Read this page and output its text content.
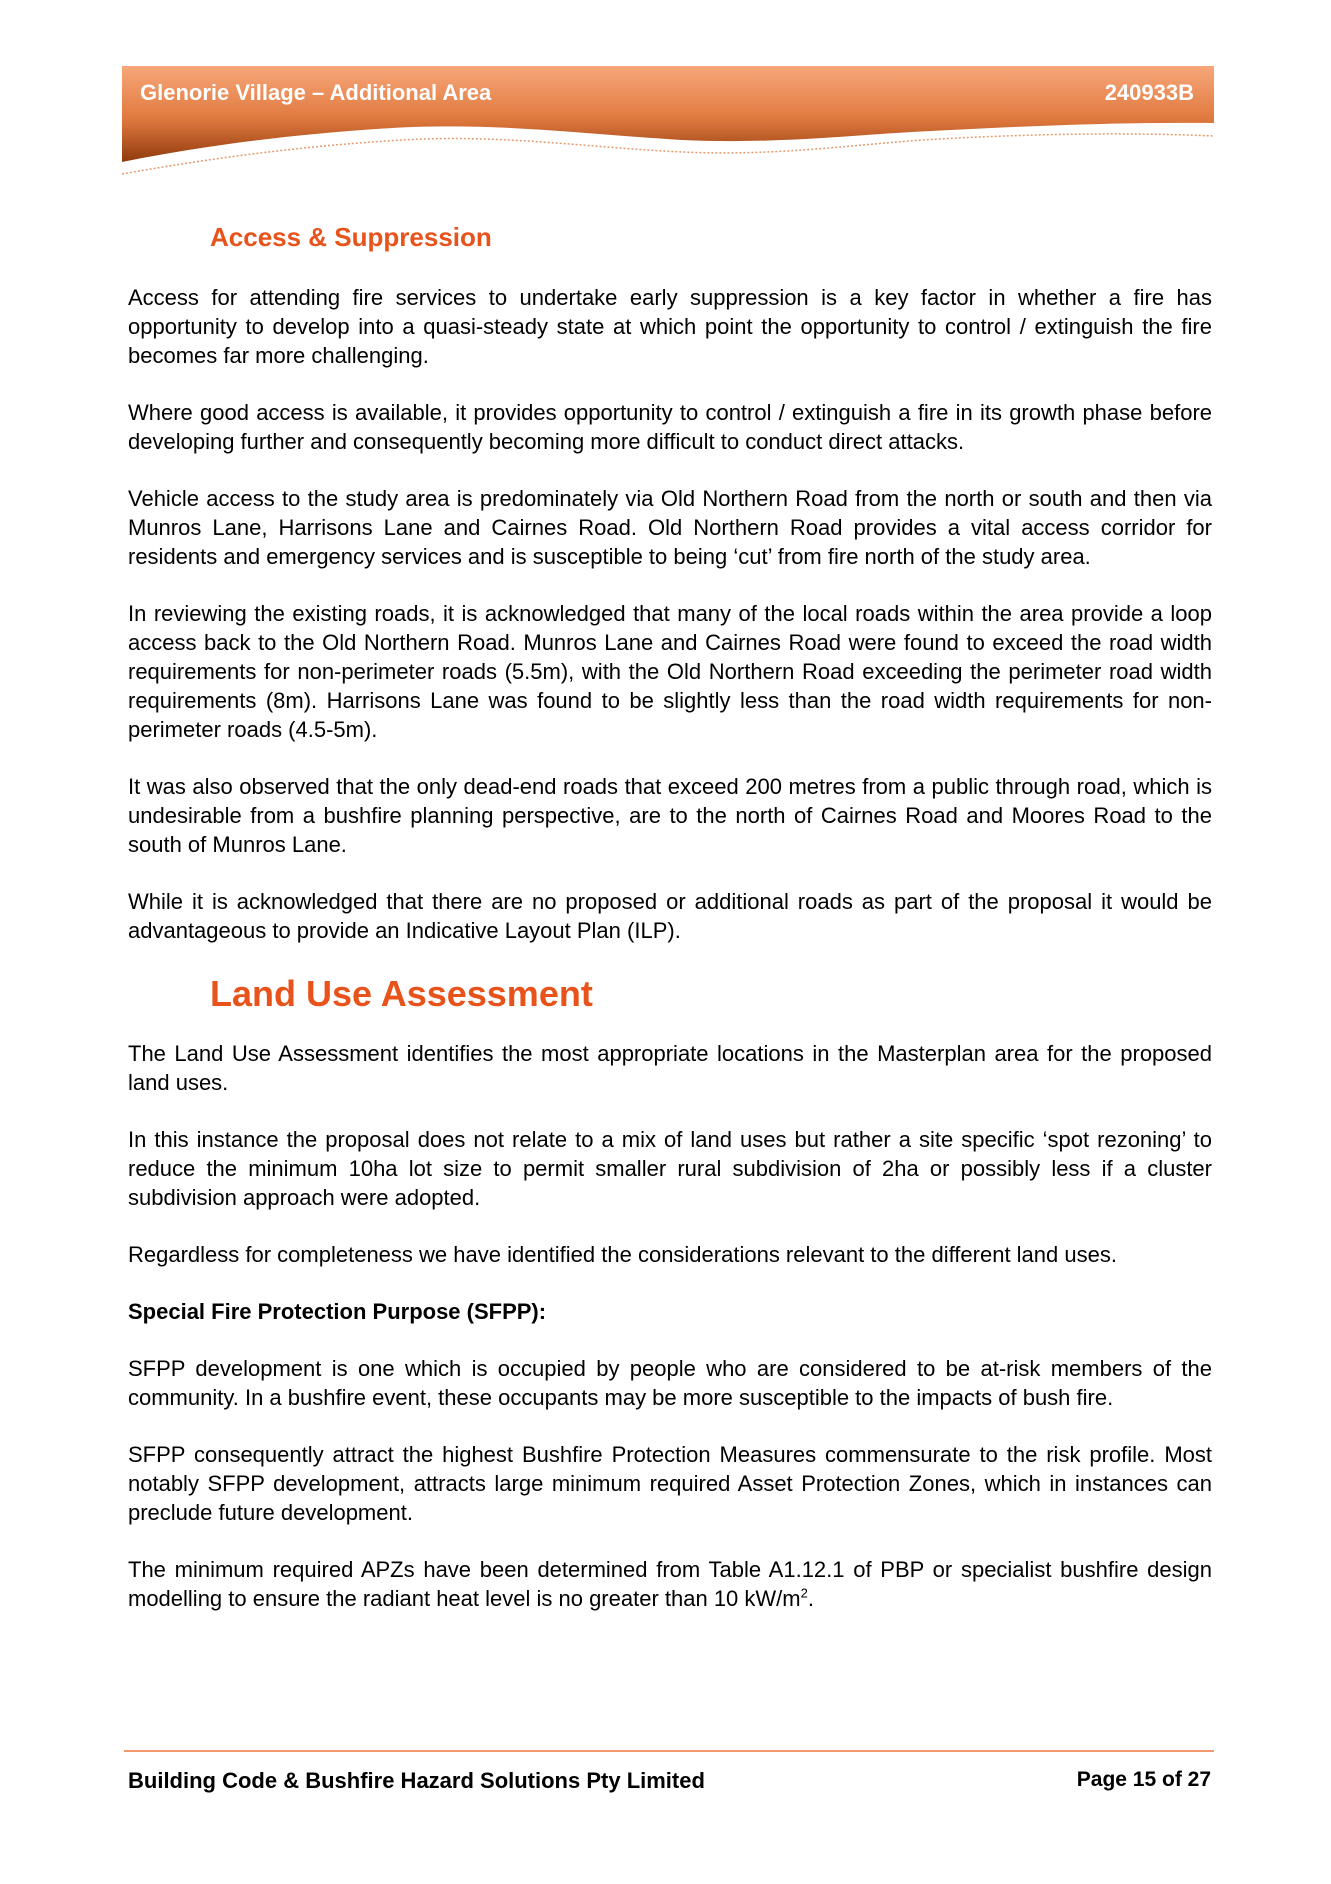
Glenorie Village – Additional Area	240933B
Access & Suppression

Access for attending fire services to undertake early suppression is a key factor in whether a fire has opportunity to develop into a quasi-steady state at which point the opportunity to control / extinguish the fire becomes far more challenging.

Where good access is available, it provides opportunity to control / extinguish a fire in its growth phase before developing further and consequently becoming more difficult to conduct direct attacks.

Vehicle access to the study area is predominately via Old Northern Road from the north or south and then via Munros Lane, Harrisons Lane and Cairnes Road. Old Northern Road provides a vital access corridor for residents and emergency services and is susceptible to being ‘cut’ from fire north of the study area.

In reviewing the existing roads, it is acknowledged that many of the local roads within the area provide a loop access back to the Old Northern Road. Munros Lane and Cairnes Road were found to exceed the road width requirements for non-perimeter roads (5.5m), with the Old Northern Road exceeding the perimeter road width requirements (8m). Harrisons Lane was found to be slightly less than the road width requirements for non-perimeter roads (4.5-5m).

It was also observed that the only dead-end roads that exceed 200 metres from a public through road, which is undesirable from a bushfire planning perspective, are to the north of Cairnes Road and Moores Road to the south of Munros Lane.

While it is acknowledged that there are no proposed or additional roads as part of the proposal it would be advantageous to provide an Indicative Layout Plan (ILP).

Land Use Assessment

The Land Use Assessment identifies the most appropriate locations in the Masterplan area for the proposed land uses.

In this instance the proposal does not relate to a mix of land uses but rather a site specific ‘spot rezoning’ to reduce the minimum 10ha lot size to permit smaller rural subdivision of 2ha or possibly less if a cluster subdivision approach were adopted.

Regardless for completeness we have identified the considerations relevant to the different land uses.

Special Fire Protection Purpose (SFPP):

SFPP development is one which is occupied by people who are considered to be at-risk members of the community. In a bushfire event, these occupants may be more susceptible to the impacts of bush fire.

SFPP consequently attract the highest Bushfire Protection Measures commensurate to the risk profile. Most notably SFPP development, attracts large minimum required Asset Protection Zones, which in instances can preclude future development.

The minimum required APZs have been determined from Table A1.12.1 of PBP or specialist bushfire design modelling to ensure the radiant heat level is no greater than 10 $kW/m^2$.

Building Code & Bushfire Hazard Solutions Pty Limited	Page 15 of 27
